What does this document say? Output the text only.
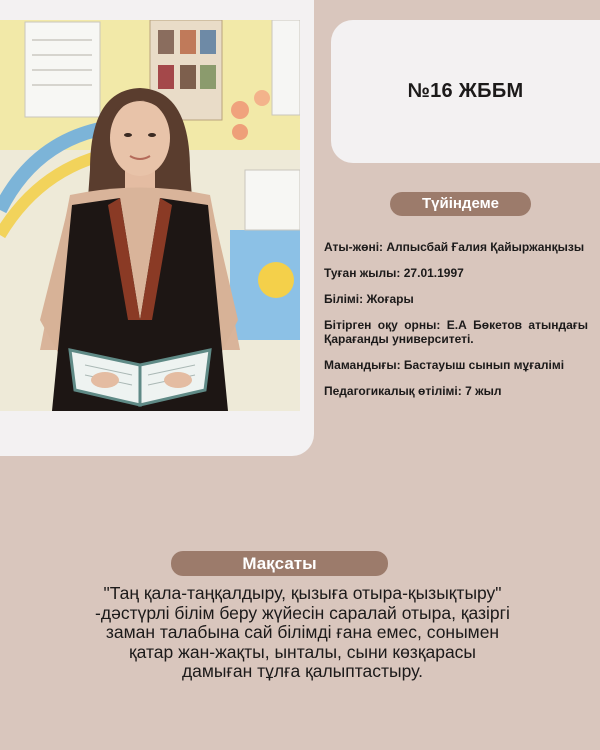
№16 ЖББМ
Түйіндеме

Аты-жөні: Алпысбай Ғалия Қайыржанқызы

Туған жылы: 27.01.1997

Білімі: Жоғары

Бітірген оқу орны: Е.А Бөкетов атындағы Қарағанды университеті.

Мамандығы: Бастауыш сынып мұғалімі

Педагогикалық өтілімі: 7 жыл

Мақсаты
"Таң қала-таңқалдыру, қызыға отыра-қызықтыру" -дәстүрлі білім беру жүйесін саралай отыра, қазіргі заман талабына сай білімді ғана емес, сонымен қатар жан-жақты, ынталы, сыни көзқарасы дамыған тұлға қалыптастыру.
